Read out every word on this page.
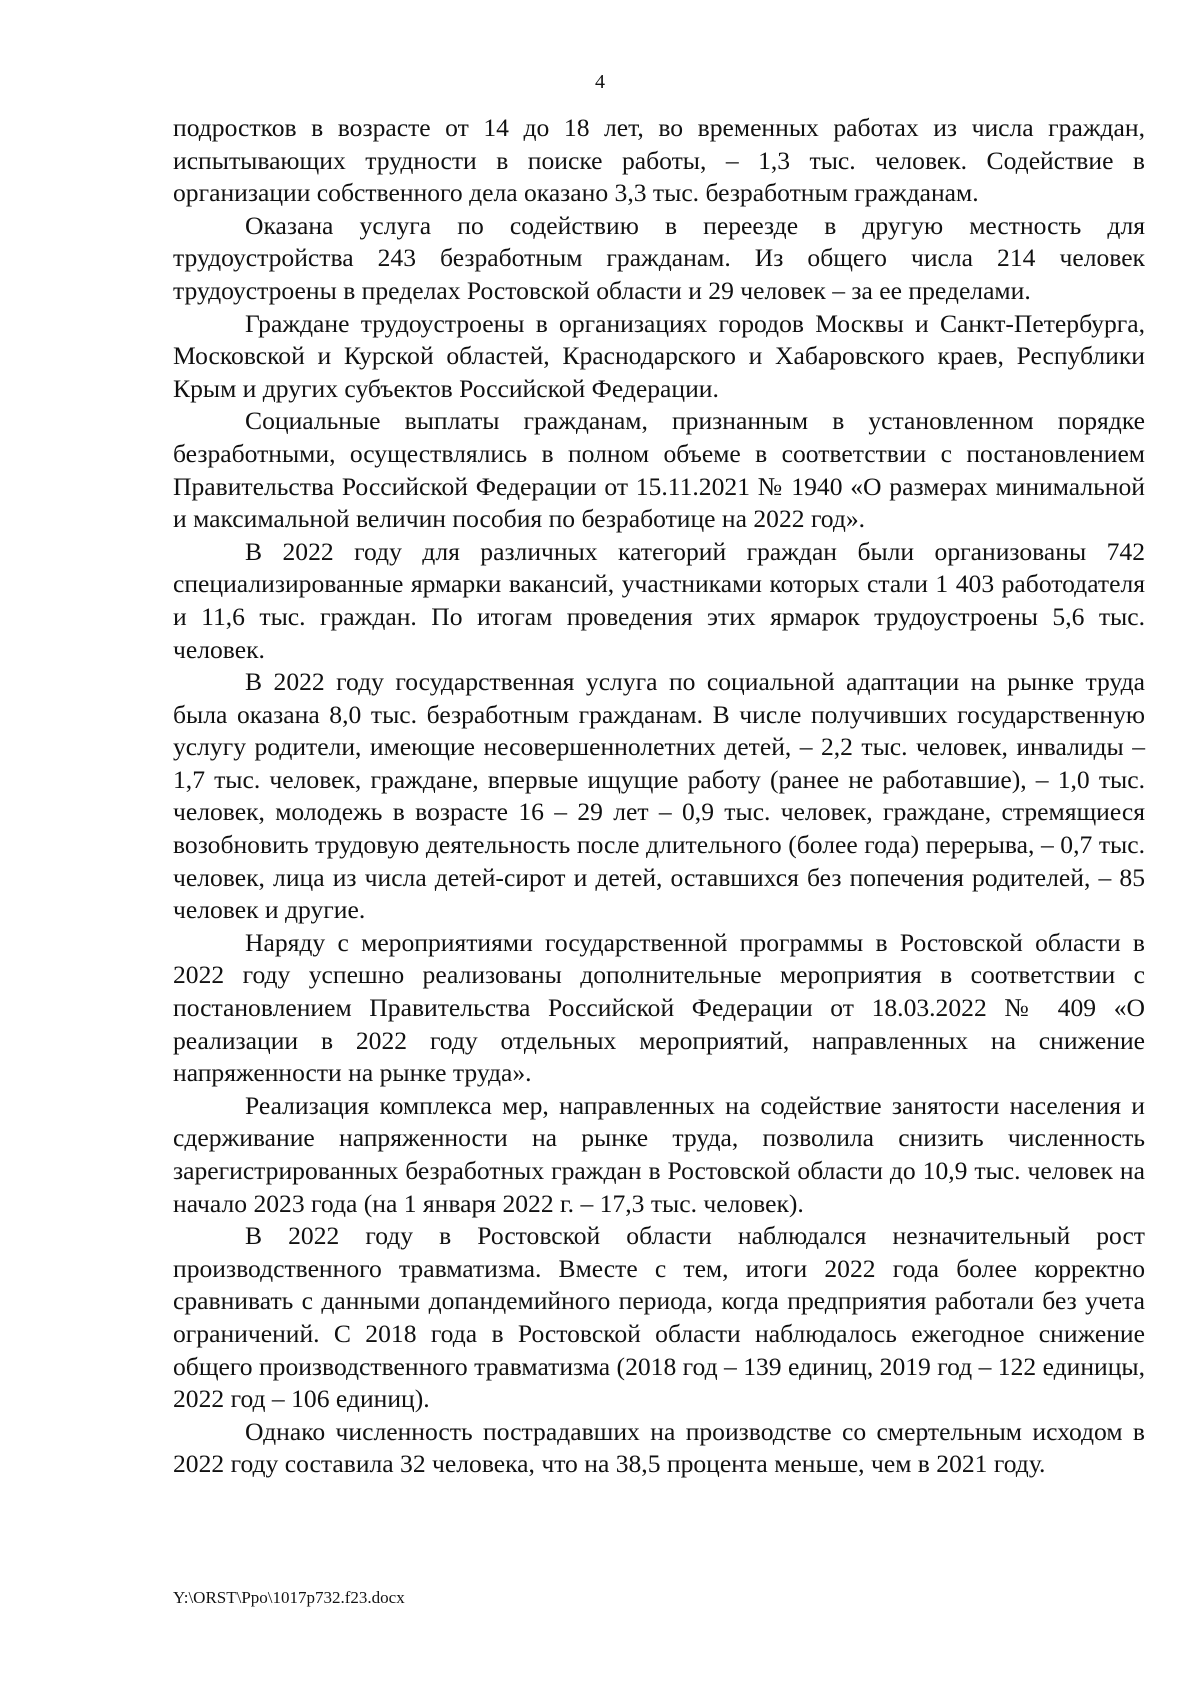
4

подростков в возрасте от 14 до 18 лет, во временных работах из числа граждан, испытывающих трудности в поиске работы, – 1,3 тыс. человек. Содействие в организации собственного дела оказано 3,3 тыс. безработным гражданам.

Оказана услуга по содействию в переезде в другую местность для трудоустройства 243 безработным гражданам. Из общего числа 214 человек трудоустроены в пределах Ростовской области и 29 человек – за ее пределами.

Граждане трудоустроены в организациях городов Москвы и Санкт-Петербурга, Московской и Курской областей, Краснодарского и Хабаровского краев, Республики Крым и других субъектов Российской Федерации.

Социальные выплаты гражданам, признанным в установленном порядке безработными, осуществлялись в полном объеме в соответствии с постановлением Правительства Российской Федерации от 15.11.2021 № 1940 «О размерах минимальной и максимальной величин пособия по безработице на 2022 год».

В 2022 году для различных категорий граждан были организованы 742 специализированные ярмарки вакансий, участниками которых стали 1 403 работодателя и 11,6 тыс. граждан. По итогам проведения этих ярмарок трудоустроены 5,6 тыс. человек.

В 2022 году государственная услуга по социальной адаптации на рынке труда была оказана 8,0 тыс. безработным гражданам. В числе получивших государственную услугу родители, имеющие несовершеннолетних детей, – 2,2 тыс. человек, инвалиды – 1,7 тыс. человек, граждане, впервые ищущие работу (ранее не работавшие), – 1,0 тыс. человек, молодежь в возрасте 16 – 29 лет – 0,9 тыс. человек, граждане, стремящиеся возобновить трудовую деятельность после длительного (более года) перерыва, – 0,7 тыс. человек, лица из числа детей-сирот и детей, оставшихся без попечения родителей, – 85 человек и другие.

Наряду с мероприятиями государственной программы в Ростовской области в 2022 году успешно реализованы дополнительные мероприятия в соответствии с постановлением Правительства Российской Федерации от 18.03.2022 № 409 «О реализации в 2022 году отдельных мероприятий, направленных на снижение напряженности на рынке труда».

Реализация комплекса мер, направленных на содействие занятости населения и сдерживание напряженности на рынке труда, позволила снизить численность зарегистрированных безработных граждан в Ростовской области до 10,9 тыс. человек на начало 2023 года (на 1 января 2022 г. – 17,3 тыс. человек).

В 2022 году в Ростовской области наблюдался незначительный рост производственного травматизма. Вместе с тем, итоги 2022 года более корректно сравнивать с данными допандемийного периода, когда предприятия работали без учета ограничений. С 2018 года в Ростовской области наблюдалось ежегодное снижение общего производственного травматизма (2018 год – 139 единиц, 2019 год – 122 единицы, 2022 год – 106 единиц).

Однако численность пострадавших на производстве со смертельным исходом в 2022 году составила 32 человека, что на 38,5 процента меньше, чем в 2021 году.

Y:\ORST\Ppo\1017p732.f23.docx
